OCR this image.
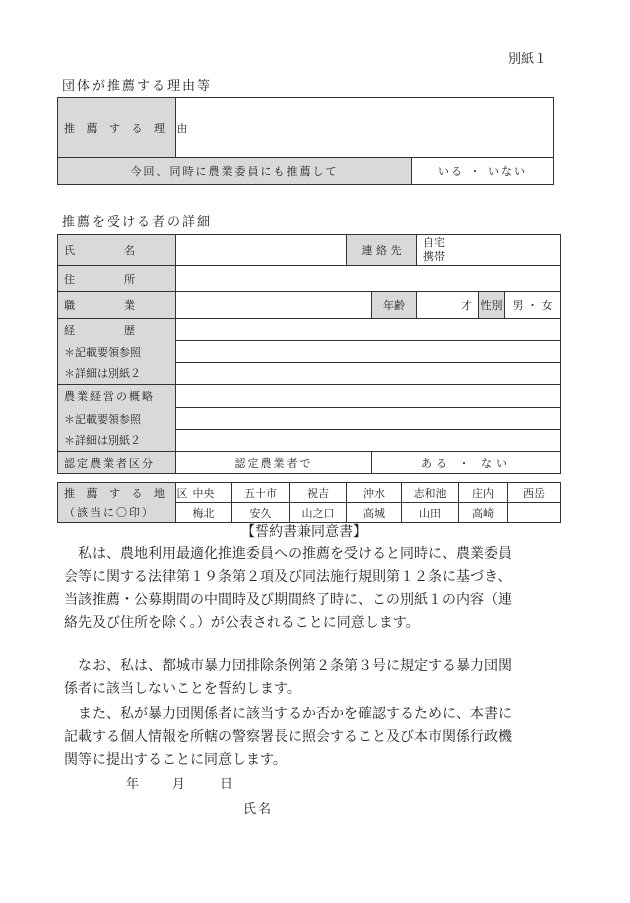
別紙１
団体が推薦する理由等
推 薦 す る 理 由		
今回、同時に農業委員にも推薦して		いる ・ いない
推薦を受ける者の詳細
氏　　　名		連 絡 先		自宅
携帯		

住　　　所						
職　　　業			年齢	才	性別	男 ・ 女
経　　　歴						
＊記載要領参照						
＊詳細は別紙２						
農業経営の概略						
＊記載要領参照						
＊詳細は別紙２						
認定農業者区分	認定農業者で		ある ・ ない			
推 薦 す る 地 区	中央	五十市	祝吉	沖水	志和池	庄内	西岳
（該当に〇印）	梅北	安久	山之口	高城	山田	高崎	
【誓約書兼同意書】
私は、農地利用最適化推進委員への推薦を受けると同時に、農業委員
会等に関する法律第１９条第２項及び同法施行規則第１２条に基づき、
当該推薦・公募期間の中間時及び期間終了時に、この別紙１の内容（連
絡先及び住所を除く。）が公表されることに同意します。
なお、私は、都城市暴力団排除条例第２条第３号に規定する暴力団関
係者に該当しないことを誓約します。
また、私が暴力団関係者に該当するか否かを確認するために、本書に
記載する個人情報を所轄の警察署長に照会すること及び本市関係行政機
関等に提出することに同意します。
年	月	日
氏名
